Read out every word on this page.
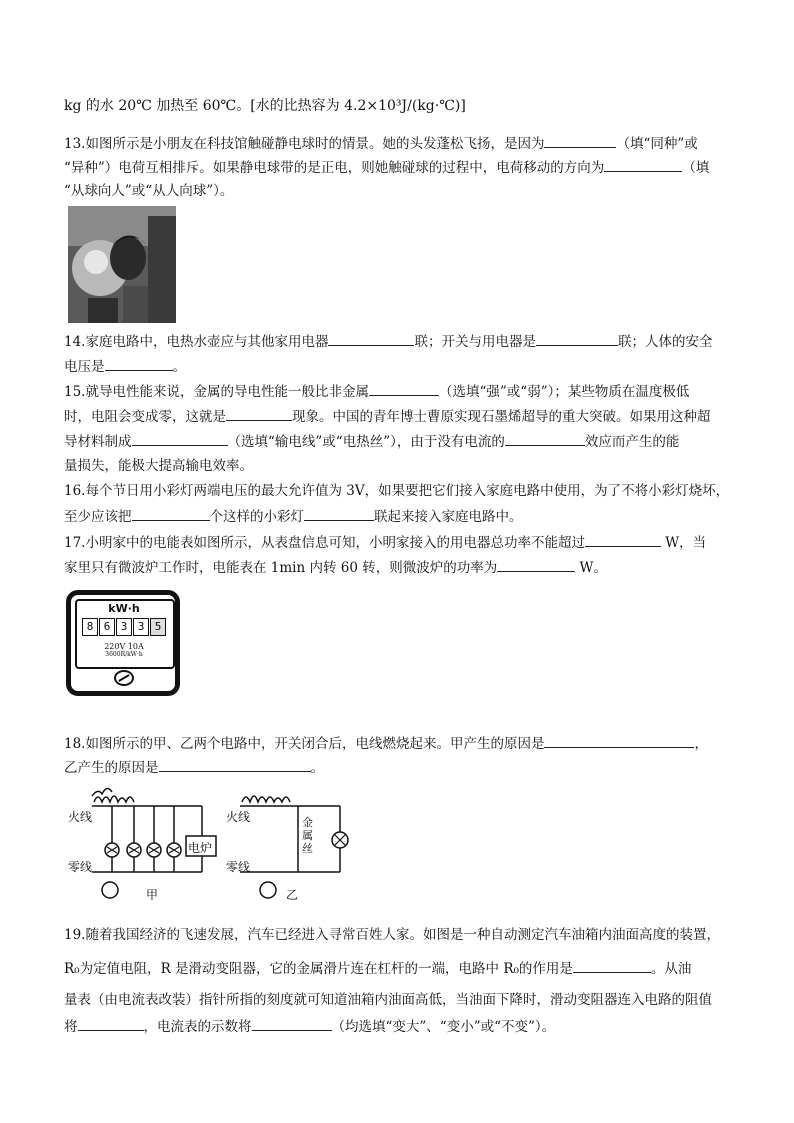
kg 的水 20℃ 加热至 60℃。[水的比热容为 4.2×10³J/(kg·℃)]
13.如图所示是小朋友在科技馆触碰静电球时的情景。她的头发蓬松飞扬，是因为	（填“同种”或
“异种”）电荷互相排斥。如果静电球带的是正电，则她触碰球的过程中，电荷移动的方向为	（填
“从球向人”或“从人向球”）。
14.家庭电路中，电热水壶应与其他家用电器	联；开关与用电器是	联；人体的安全
电压是	。
15.就导电性能来说，金属的导电性能一般比非金属	（选填“强”或“弱”）；某些物质在温度极低
时，电阻会变成零，这就是	现象。中国的青年博士曹原实现石墨烯超导的重大突破。如果用这种超
导材料制成	（选填“输电线”或“电热丝”），由于没有电流的	效应而产生的能
量损失，能极大提高输电效率。
16.每个节日用小彩灯两端电压的最大允许值为 3V，如果要把它们接入家庭电路中使用，为了不将小彩灯烧坏，
至少应该把	个这样的小彩灯	联起来接入家庭电路中。
17.小明家中的电能表如图所示，从表盘信息可知，小明家接入的用电器总功率不能超过	W，当
家里只有微波炉工作时，电能表在 1min 内转 60 转，则微波炉的功率为	W。
kW·h
8 6 3 3 5
220V 10A
3600R/kW·h
18.如图所示的甲、乙两个电路中，开关闭合后，电线燃烧起来。甲产生的原因是	，
乙产生的原因是	。
火线
零线
电炉
甲
火线
零线
金属丝
乙
19.随着我国经济的飞速发展，汽车已经进入寻常百姓人家。如图是一种自动测定汽车油箱内油面高度的装置，
R₀为定值电阻，R 是滑动变阻器，它的金属滑片连在杠杆的一端，电路中 R₀的作用是	。从油
量表（由电流表改装）指针所指的刻度就可知道油箱内油面高低，当油面下降时，滑动变阻器连入电路的阻值
将	，电流表的示数将	（均选填“变大”、“变小”或“不变”）。
